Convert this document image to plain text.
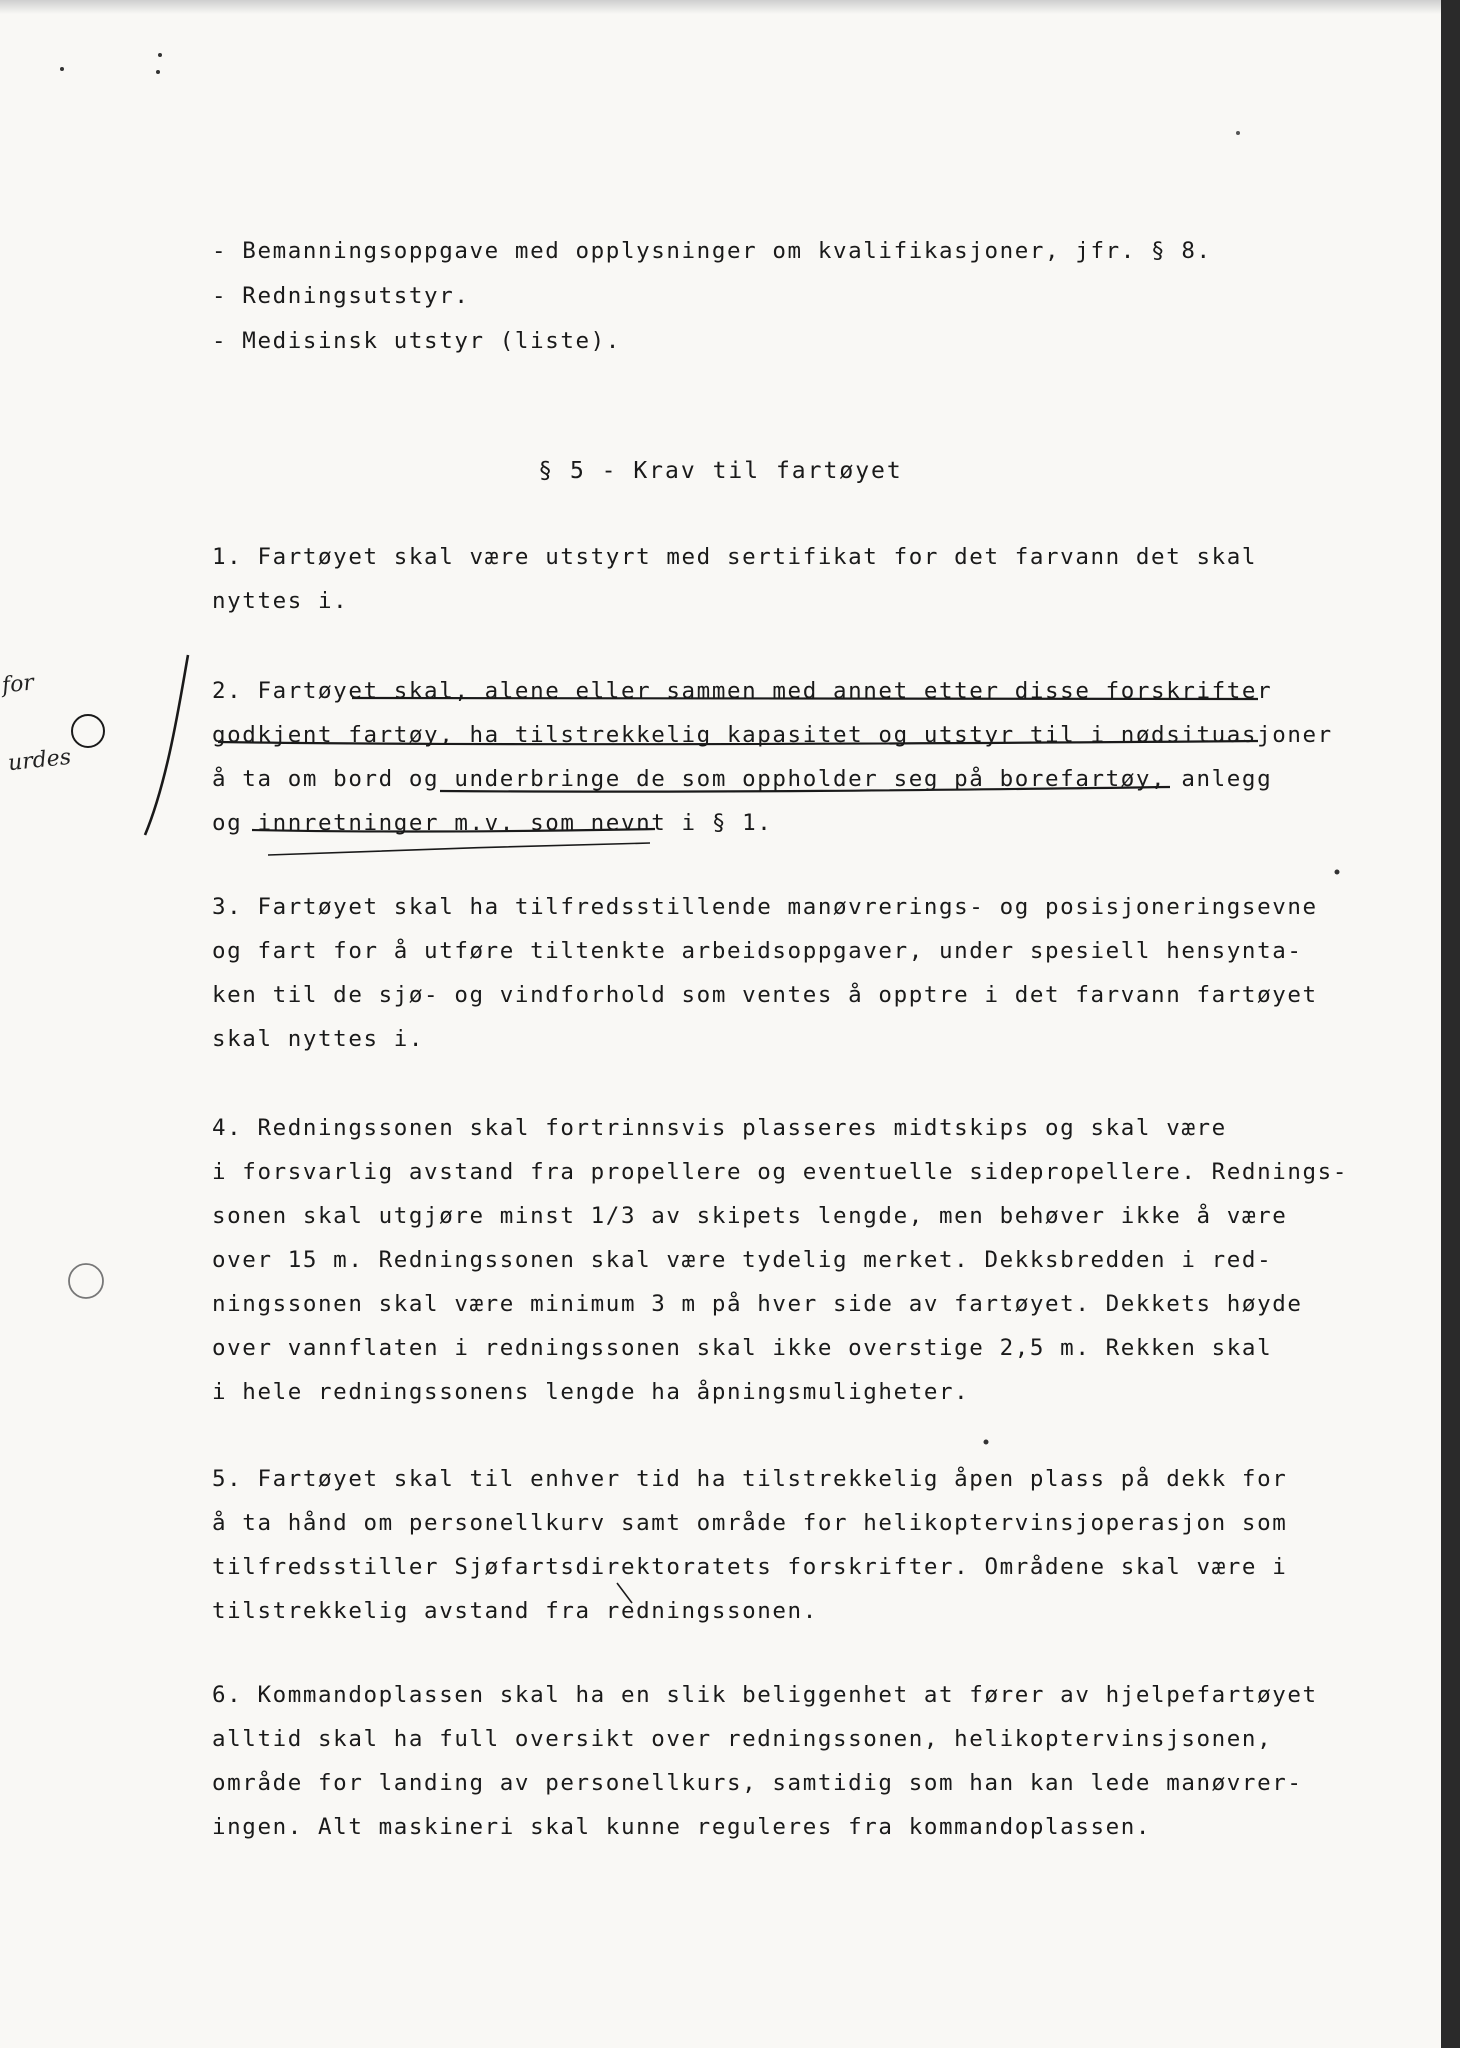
- Bemanningsoppgave med opplysninger om kvalifikasjoner, jfr. § 8.
- Redningsutstyr.
- Medisinsk utstyr (liste).
§ 5 - Krav til fartøyet
1. Fartøyet skal være utstyrt med sertifikat for det farvann det skal
nyttes i.
2. Fartøyet skal, alene eller sammen med annet etter disse forskrifter
godkjent fartøy, ha tilstrekkelig kapasitet og utstyr til i nødsituasjoner
å ta om bord og underbringe de som oppholder seg på borefartøy, anlegg
og innretninger m.v. som nevnt i § 1.
3. Fartøyet skal ha tilfredsstillende manøvrerings- og posisjoneringsevne
og fart for å utføre tiltenkte arbeidsoppgaver, under spesiell hensynta-
ken til de sjø- og vindforhold som ventes å opptre i det farvann fartøyet
skal nyttes i.
4. Redningssonen skal fortrinnsvis plasseres midtskips og skal være
i forsvarlig avstand fra propellere og eventuelle sidepropellere. Rednings-
sonen skal utgjøre minst 1/3 av skipets lengde, men behøver ikke å være
over 15 m. Redningssonen skal være tydelig merket. Dekksbredden i red-
ningssonen skal være minimum 3 m på hver side av fartøyet. Dekkets høyde
over vannflaten i redningssonen skal ikke overstige 2,5 m. Rekken skal
i hele redningssonens lengde ha åpningsmuligheter.
5. Fartøyet skal til enhver tid ha tilstrekkelig åpen plass på dekk for
å ta hånd om personellkurv samt område for helikoptervinsjoperasjon som
tilfredsstiller Sjøfartsdirektoratets forskrifter. Områdene skal være i
tilstrekkelig avstand fra redningssonen.
6. Kommandoplassen skal ha en slik beliggenhet at fører av hjelpefartøyet
alltid skal ha full oversikt over redningssonen, helikoptervinsjsonen,
område for landing av personellkurs, samtidig som han kan lede manøvrer-
ingen. Alt maskineri skal kunne reguleres fra kommandoplassen.
for
urdes
